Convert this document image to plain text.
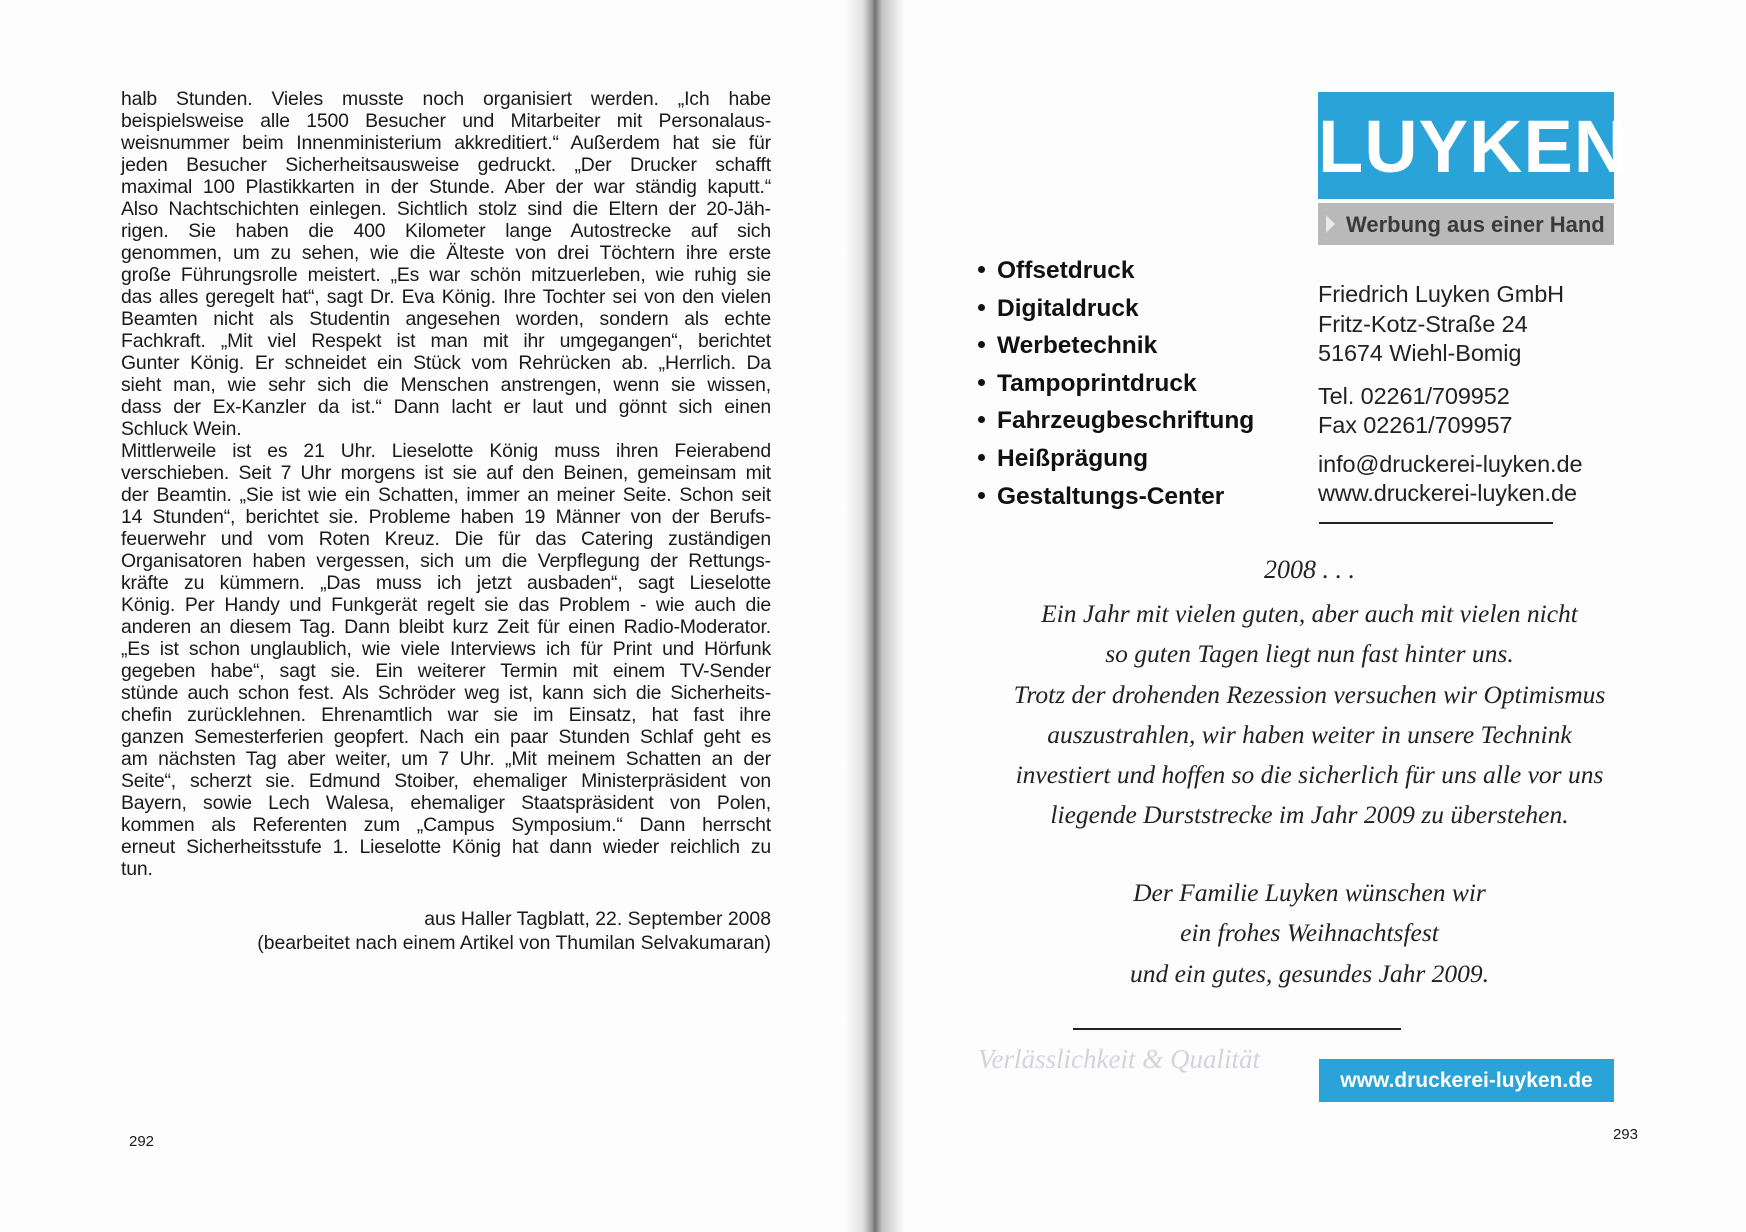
halb Stunden. Vieles musste noch organisiert werden. „Ich habe

beispielsweise alle 1500 Besucher und Mitarbeiter mit Personalaus-

weisnummer beim Innenministerium akkreditiert.“ Außerdem hat sie für

jeden Besucher Sicherheitsausweise gedruckt. „Der Drucker schafft

maximal 100 Plastikkarten in der Stunde. Aber der war ständig kaputt.“

Also Nachtschichten einlegen. Sichtlich stolz sind die Eltern der 20-Jäh-

rigen. Sie haben die 400 Kilometer lange Autostrecke auf sich

genommen, um zu sehen, wie die Älteste von drei Töchtern ihre erste

große Führungsrolle meistert. „Es war schön mitzuerleben, wie ruhig sie

das alles geregelt hat“, sagt Dr. Eva König. Ihre Tochter sei von den vielen

Beamten nicht als Studentin angesehen worden, sondern als echte

Fachkraft. „Mit viel Respekt ist man mit ihr umgegangen“, berichtet

Gunter König. Er schneidet ein Stück vom Rehrücken ab. „Herrlich. Da

sieht man, wie sehr sich die Menschen anstrengen, wenn sie wissen,

dass der Ex-Kanzler da ist.“ Dann lacht er laut und gönnt sich einen

Schluck Wein.

Mittlerweile ist es 21 Uhr. Lieselotte König muss ihren Feierabend

verschieben. Seit 7 Uhr morgens ist sie auf den Beinen, gemeinsam mit

der Beamtin. „Sie ist wie ein Schatten, immer an meiner Seite. Schon seit

14 Stunden“, berichtet sie. Probleme haben 19 Männer von der Berufs-

feuerwehr und vom Roten Kreuz. Die für das Catering zuständigen

Organisatoren haben vergessen, sich um die Verpflegung der Rettungs-

kräfte zu kümmern. „Das muss ich jetzt ausbaden“, sagt Lieselotte

König. Per Handy und Funkgerät regelt sie das Problem - wie auch die

anderen an diesem Tag. Dann bleibt kurz Zeit für einen Radio-Moderator.

„Es ist schon unglaublich, wie viele Interviews ich für Print und Hörfunk

gegeben habe“, sagt sie. Ein weiterer Termin mit einem TV-Sender

stünde auch schon fest. Als Schröder weg ist, kann sich die Sicherheits-

chefin zurücklehnen. Ehrenamtlich war sie im Einsatz, hat fast ihre

ganzen Semesterferien geopfert. Nach ein paar Stunden Schlaf geht es

am nächsten Tag aber weiter, um 7 Uhr. „Mit meinem Schatten an der

Seite“, scherzt sie. Edmund Stoiber, ehemaliger Ministerpräsident von

Bayern, sowie Lech Walesa, ehemaliger Staatspräsident von Polen,

kommen als Referenten zum „Campus Symposium.“ Dann herrscht

erneut Sicherheitsstufe 1. Lieselotte König hat dann wieder reichlich zu

tun.

aus Haller Tagblatt, 22. September 2008
(bearbeitet nach einem Artikel von Thumilan Selvakumaran)
292
LUYKEN
Werbung aus einer Hand
Offsetdruck
Digitaldruck
Werbetechnik
Tampoprintdruck
Fahrzeugbeschriftung
Heißprägung
Gestaltungs-Center
Friedrich Luyken GmbH
Fritz-Kotz-Straße 24
51674 Wiehl-Bomig
Tel. 02261/709952
Fax 02261/709957
info@druckerei-luyken.de
www.druckerei-luyken.de
2008 . . .
Ein Jahr mit vielen guten, aber auch mit vielen nicht
so guten Tagen liegt nun fast hinter uns.
Trotz der drohenden Rezession versuchen wir Optimismus
auszustrahlen, wir haben weiter in unsere Technink
investiert und hoffen so die sicherlich für uns alle vor uns
liegende Durststrecke im Jahr 2009 zu überstehen.
Der Familie Luyken wünschen wir
ein frohes Weihnachtsfest
und ein gutes, gesundes Jahr 2009.
Verlässlichkeit & Qualität
www.druckerei-luyken.de
293
